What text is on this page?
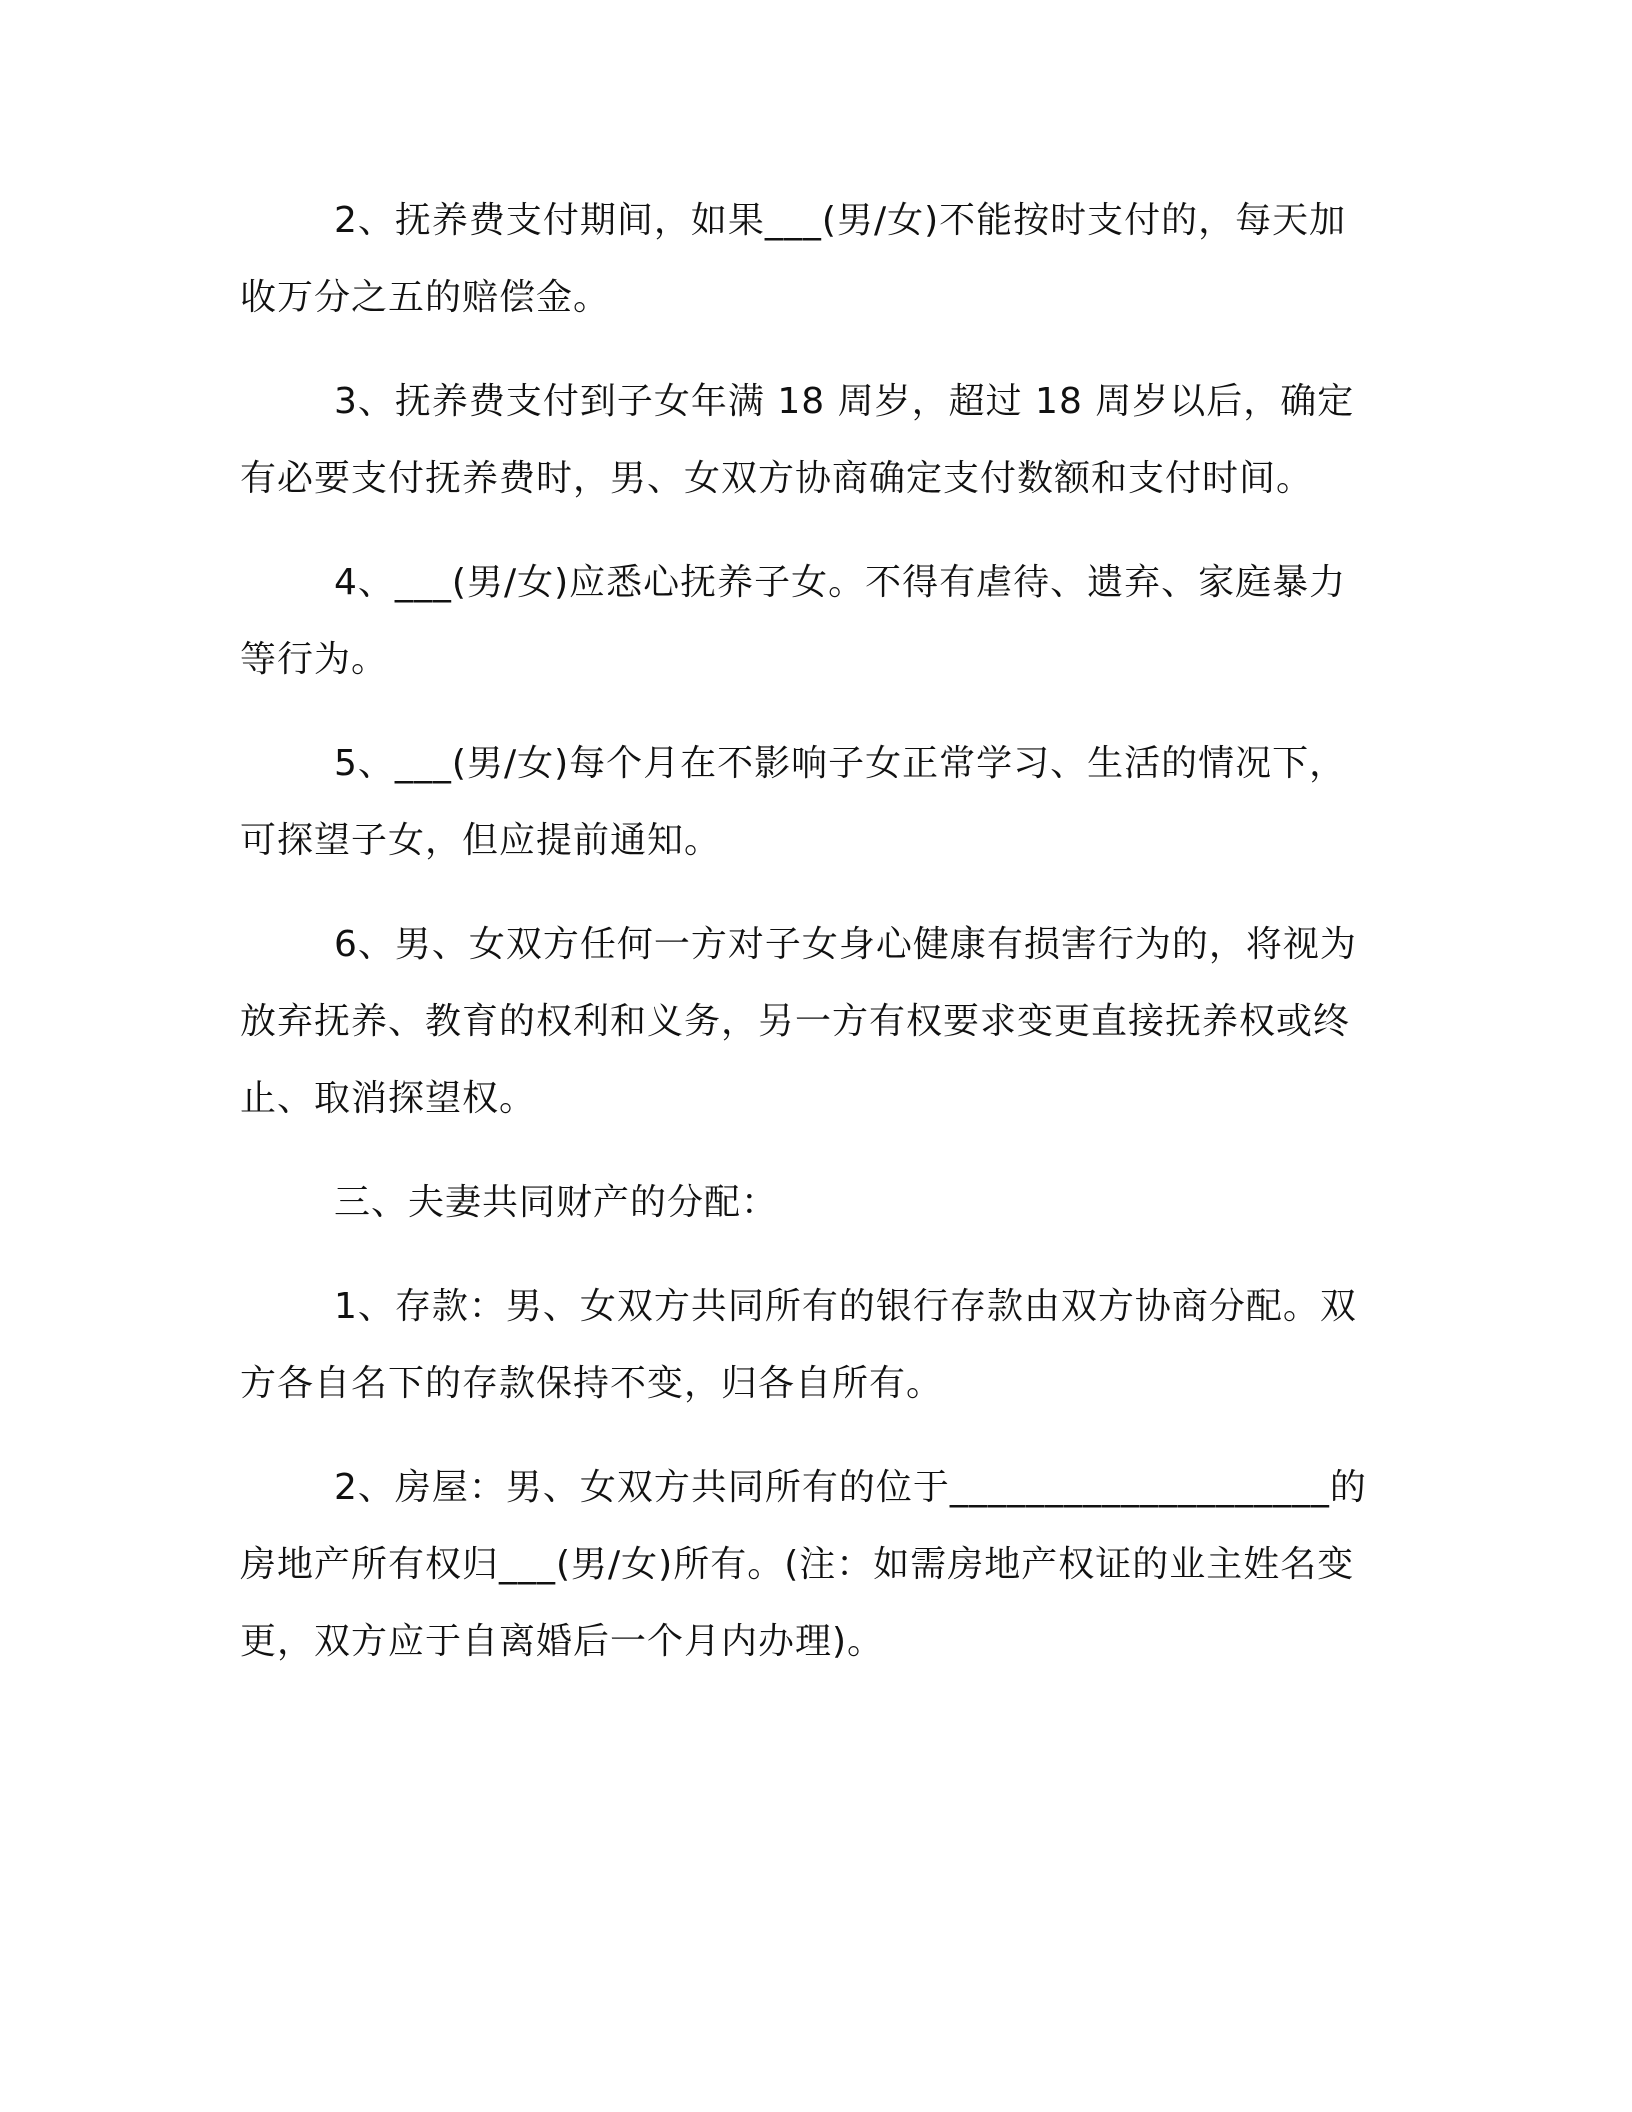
2、抚养费支付期间，如果___(男/女)不能按时支付的，每天加收万分之五的赔偿金。

3、抚养费支付到子女年满 18 周岁，超过 18 周岁以后，确定有必要支付抚养费时，男、女双方协商确定支付数额和支付时间。

4、___(男/女)应悉心抚养子女。不得有虐待、遗弃、家庭暴力等行为。

5、___(男/女)每个月在不影响子女正常学习、生活的情况下，可探望子女，但应提前通知。

6、男、女双方任何一方对子女身心健康有损害行为的，将视为放弃抚养、教育的权利和义务，另一方有权要求变更直接抚养权或终止、取消探望权。

三、夫妻共同财产的分配：

1、存款：男、女双方共同所有的银行存款由双方协商分配。双方各自名下的存款保持不变，归各自所有。

2、房屋：男、女双方共同所有的位于____________________的房地产所有权归___(男/女)所有。(注：如需房地产权证的业主姓名变更，双方应于自离婚后一个月内办理)。
